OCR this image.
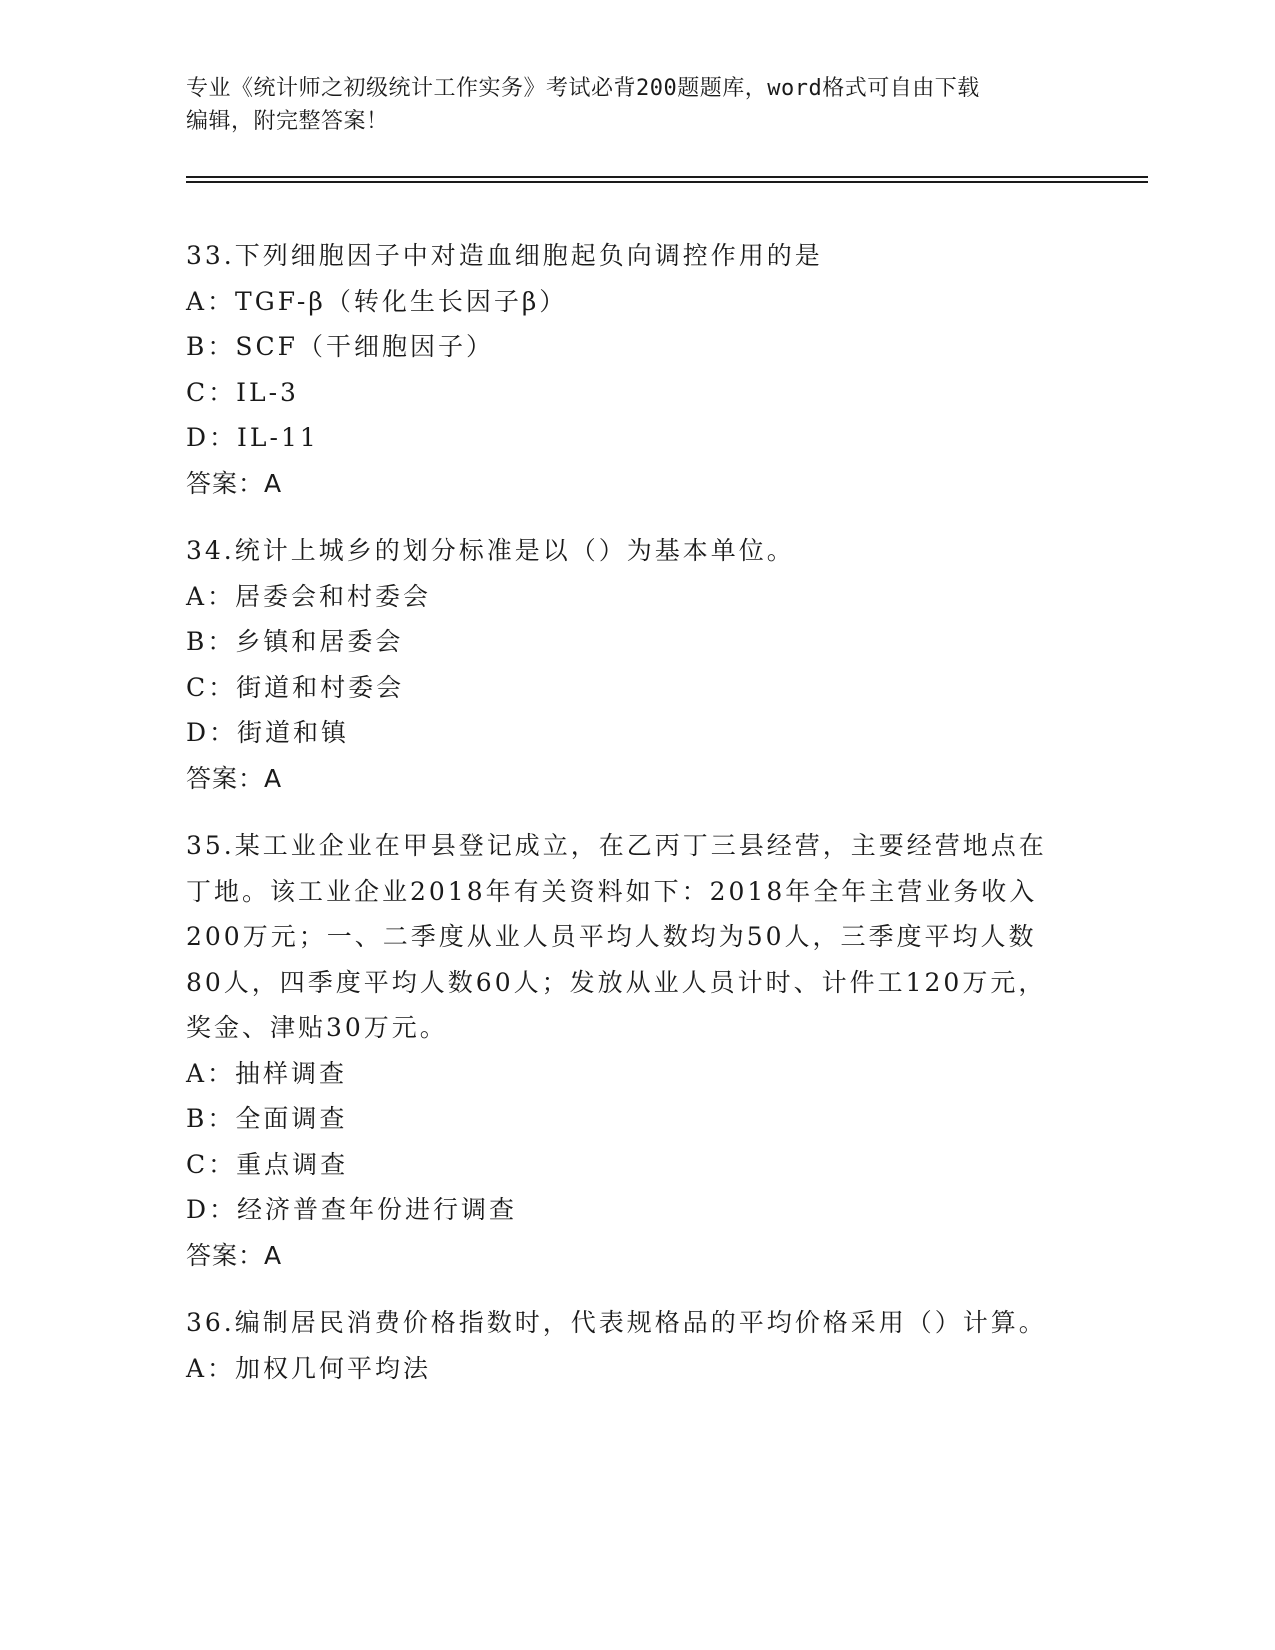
专业《统计师之初级统计工作实务》考试必背200题题库，word格式可自由下载
编辑，附完整答案！
33.下列细胞因子中对造血细胞起负向调控作用的是
A：TGF-β（转化生长因子β）
B：SCF（干细胞因子）
C：IL-3
D：IL-11
答案：A
34.统计上城乡的划分标准是以（）为基本单位。
A：居委会和村委会
B：乡镇和居委会
C：街道和村委会
D：街道和镇
答案：A
35.某工业企业在甲县登记成立，在乙丙丁三县经营，主要经营地点在
丁地。该工业企业2018年有关资料如下：2018年全年主营业务收入
200万元；一、二季度从业人员平均人数均为50人，三季度平均人数
80人，四季度平均人数60人；发放从业人员计时、计件工120万元，
奖金、津贴30万元。
A：抽样调查
B：全面调查
C：重点调查
D：经济普查年份进行调查
答案：A
36.编制居民消费价格指数时，代表规格品的平均价格采用（）计算。
A：加权几何平均法
